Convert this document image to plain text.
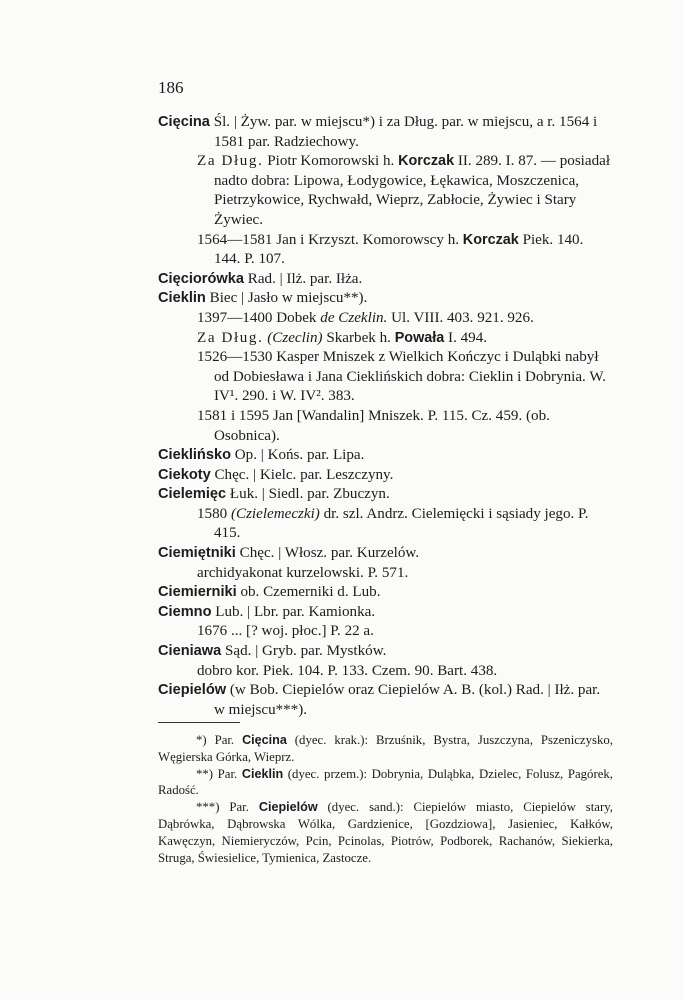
186

Cięcina Śl. | Żyw. par. w miejscu*) i za Dług. par. w miejscu, a r. 1564 i 1581 par. Radziechowy.

Za Dług. Piotr Komorowski h. Korczak II. 289. I. 87. — posiadał nadto dobra: Lipowa, Łodygowice, Łękawica, Moszczenica, Pietrzykowice, Rychwałd, Wieprz, Zabłocie, Żywiec i Stary Żywiec.

1564—1581 Jan i Krzyszt. Komorowscy h. Korczak Piek. 140. 144. P. 107.

Cięciorówka Rad. | Ilż. par. Iłża.

Cieklin Biec | Jasło w miejscu**).

1397—1400 Dobek de Czeklin. Ul. VIII. 403. 921. 926.

Za Dług. (Czeclin) Skarbek h. Powała I. 494.

1526—1530 Kasper Mniszek z Wielkich Kończyc i Duląbki nabył od Dobiesława i Jana Cieklińskich dobra: Cieklin i Dobrynia. W. IV¹. 290. i W. IV². 383.

1581 i 1595 Jan [Wandalin] Mniszek. P. 115. Cz. 459. (ob. Osobnica).

Cieklińsko Op. | Końs. par. Lipa.

Ciekoty Chęc. | Kielc. par. Leszczyny.

Cielemięc Łuk. | Siedl. par. Zbuczyn.

1580 (Czielemeczki) dr. szl. Andrz. Cielemięcki i sąsiady jego. P. 415.

Ciemiętniki Chęc. | Włosz. par. Kurzelów.

archidyakonat kurzelowski. P. 571.

Ciemierniki ob. Czemerniki d. Lub.

Ciemno Lub. | Lbr. par. Kamionka.

1676 ... [? woj. płoc.] P. 22 a.

Cieniawa Sąd. | Gryb. par. Mystków.

dobro kor. Piek. 104. P. 133. Czem. 90. Bart. 438.

Ciepielów (w Bob. Ciepielów oraz Ciepielów A. B. (kol.) Rad. | Iłż. par. w miejscu***).

*) Par. Cięcina (dyec. krak.): Brzuśnik, Bystra, Juszczyna, Pszeniczysko, Węgierska Górka, Wieprz.

**) Par. Cieklin (dyec. przem.): Dobrynia, Duląbka, Dzielec, Folusz, Pagórek, Radość.

***) Par. Ciepielów (dyec. sand.): Ciepielów miasto, Ciepielów stary, Dąbrówka, Dąbrowska Wólka, Gardzienice, [Gozdziowa], Jasieniec, Kałków, Kawęczyn, Niemieryczów, Pcin, Pcinolas, Piotrów, Podborek, Rachanów, Siekierka, Struga, Świesielice, Tymienica, Zastocze.
